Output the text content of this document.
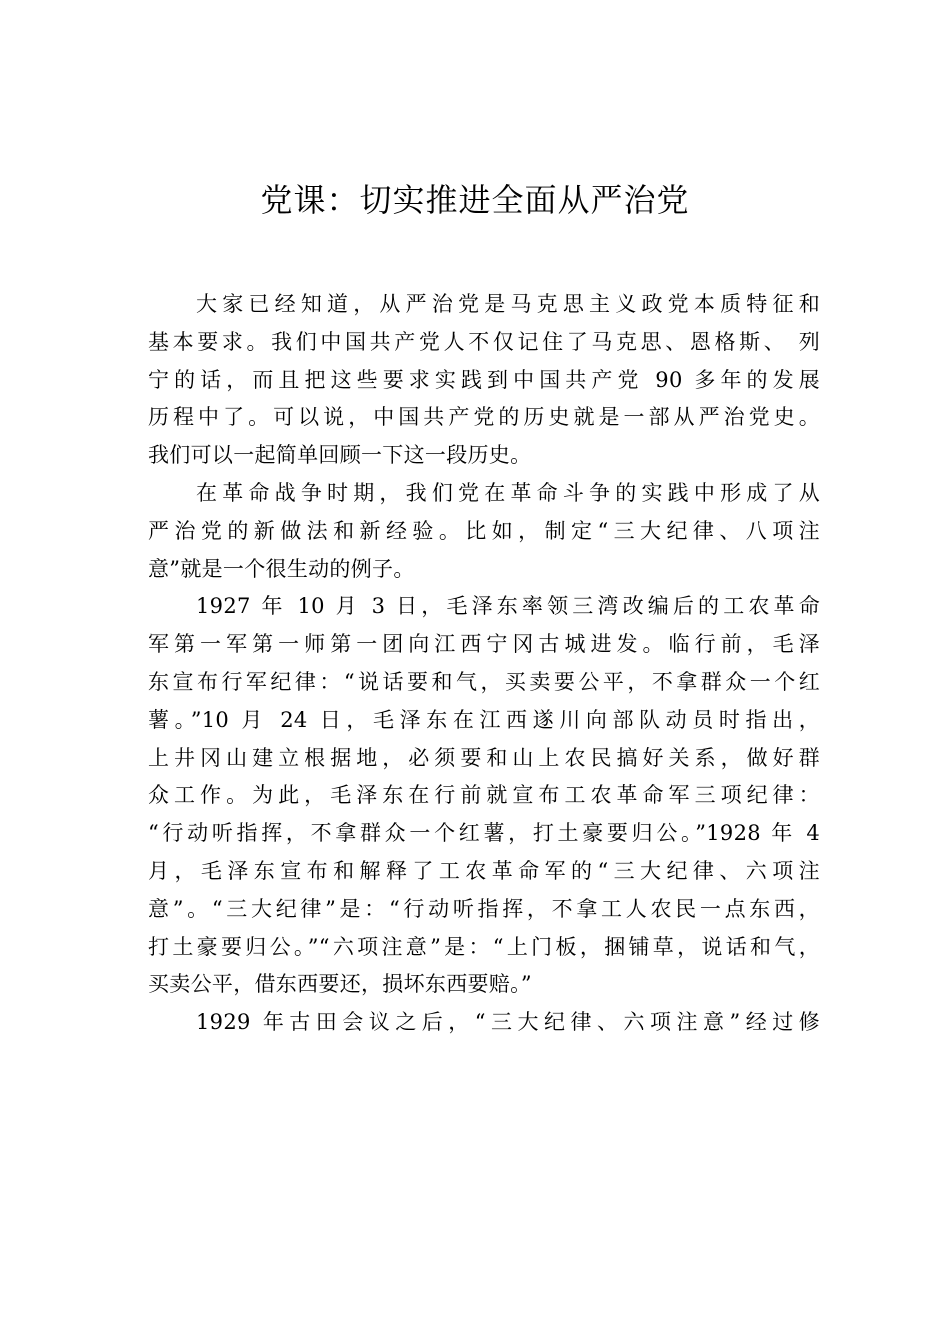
党课：切实推进全面从严治党
大家已经知道，从严治党是马克思主义政党本质特征和
基本要求。我们中国共产党人不仅记住了马克思、恩格斯、 列
宁的话，而且把这些要求实践到中国共产党 90 多年的发展
历程中了。可以说，中国共产党的历史就是一部从严治党史。
我们可以一起简单回顾一下这一段历史。
在革命战争时期，我们党在革命斗争的实践中形成了从
严治党的新做法和新经验。比如，制定“三大纪律、八项注
意”就是一个很生动的例子。
1927 年 10 月 3 日，毛泽东率领三湾改编后的工农革命
军第一军第一师第一团向江西宁冈古城进发。临行前，毛泽
东宣布行军纪律：“说话要和气，买卖要公平，不拿群众一个红
薯。”10 月 24 日，毛泽东在江西遂川向部队动员时指出，
上井冈山建立根据地，必须要和山上农民搞好关系，做好群
众工作。为此，毛泽东在行前就宣布工农革命军三项纪律：
“行动听指挥，不拿群众一个红薯，打土豪要归公。”1928 年 4
月，毛泽东宣布和解释了工农革命军的“三大纪律、六项注
意”。“三大纪律”是：“行动听指挥，不拿工人农民一点东西，
打土豪要归公。”“六项注意”是：“上门板，捆铺草，说话和气，
买卖公平，借东西要还，损坏东西要赔。”
1929 年古田会议之后，“三大纪律、六项注意”经过修
